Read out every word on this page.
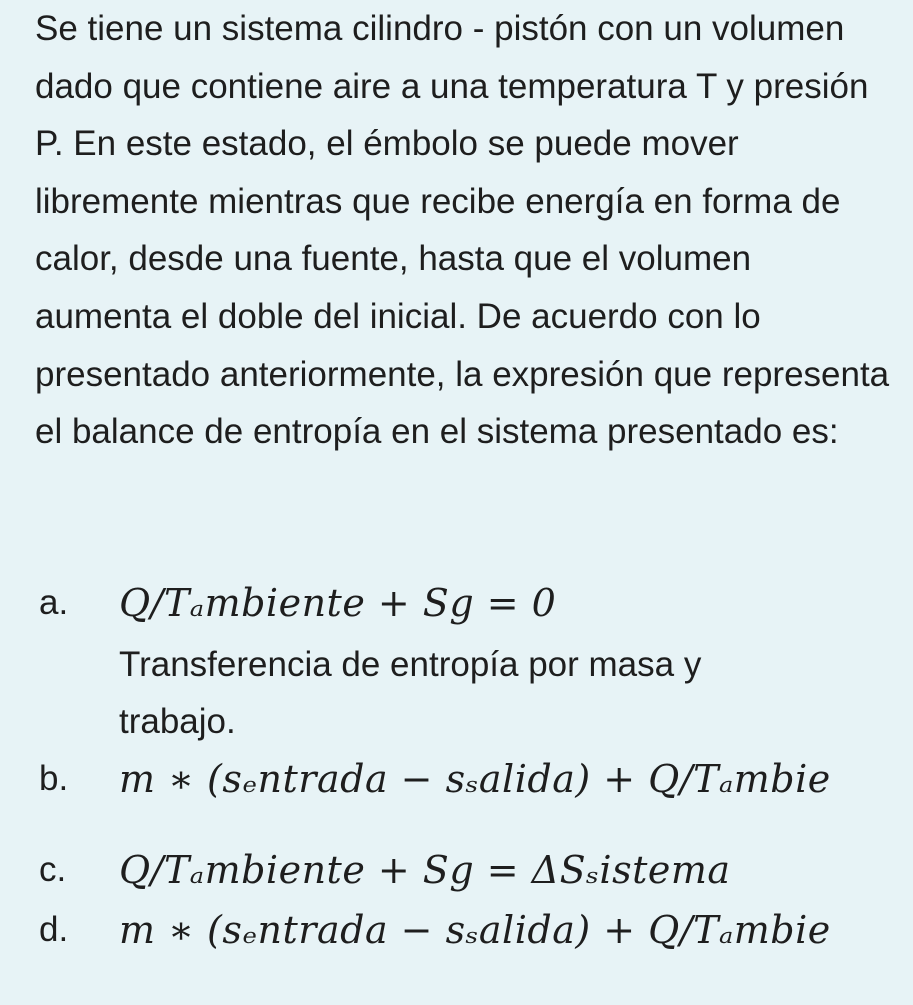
Se tiene un sistema cilindro - pistón con un volumen dado que contiene aire a una temperatura T y presión P. En este estado, el émbolo se puede mover libremente mientras que recibe energía en forma de calor, desde una fuente, hasta que el volumen aumenta el doble del inicial. De acuerdo con lo presentado anteriormente, la expresión que representa el balance de entropía en el sistema presentado es:

a.	Q/Tₐmbiente + Sg = 0
Transferencia de entropía por masa y trabajo.
b.	m ∗ (sₑntrada − sₛalida) + Q/Tₐmbie
c.	Q/Tₐmbiente + Sg = ΔSₛistema
d.	m ∗ (sₑntrada − sₛalida) + Q/Tₐmbie
